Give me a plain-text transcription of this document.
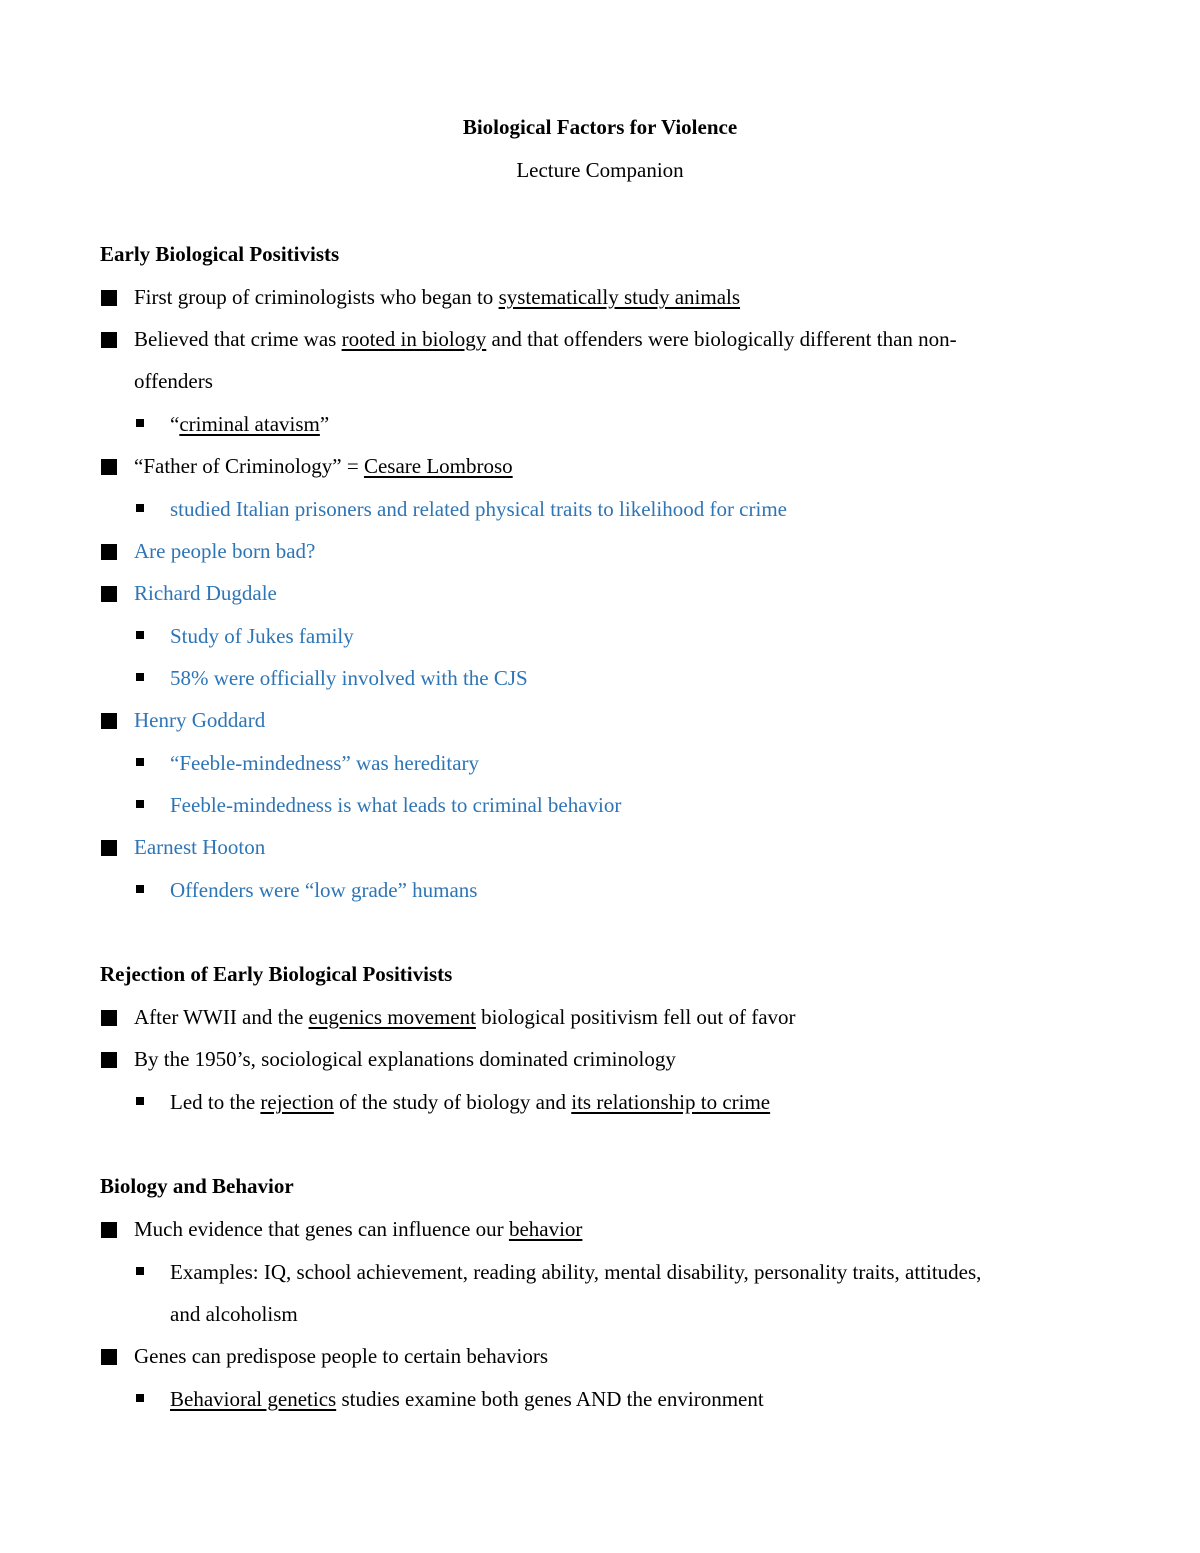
Biological Factors for Violence
Lecture Companion
Early Biological Positivists
First group of criminologists who began to systematically study animals
Believed that crime was rooted in biology and that offenders were biologically different than non-
offenders
“criminal atavism”
“Father of Criminology” = Cesare Lombroso
studied Italian prisoners and related physical traits to likelihood for crime
Are people born bad?
Richard Dugdale
Study of Jukes family
58% were officially involved with the CJS
Henry Goddard
“Feeble-mindedness” was hereditary
Feeble-mindedness is what leads to criminal behavior
Earnest Hooton
Offenders were “low grade” humans
Rejection of Early Biological Positivists
After WWII and the eugenics movement biological positivism fell out of favor
By the 1950’s, sociological explanations dominated criminology
Led to the rejection of the study of biology and its relationship to crime
Biology and Behavior
Much evidence that genes can influence our behavior
Examples: IQ, school achievement, reading ability, mental disability, personality traits, attitudes,
and alcoholism
Genes can predispose people to certain behaviors
Behavioral genetics studies examine both genes AND the environment
